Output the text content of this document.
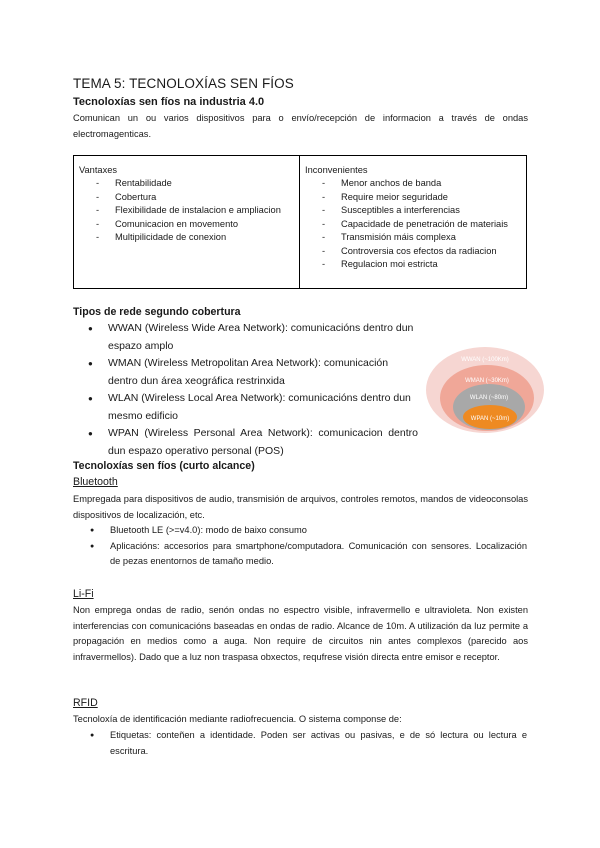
TEMA 5: TECNOLOXÍAS SEN FÍOS
Tecnoloxías sen fíos na industria 4.0
Comunican un ou varios dispositivos para o envío/recepción de informacion a través de ondas electromagenticas.
Vantaxes
- Rentabilidade
- Cobertura
- Flexibilidade de instalacion e ampliacion
- Comunicacion en movemento
- Multipilicidade de conexion
Inconvenientes
- Menor anchos de banda
- Require meior seguridade
- Susceptibles a interferencias
- Capacidade de penetración de materiais
- Transmisión máis complexa
- Controversia cos efectos da radiacion
- Regulacion moi estricta
Tipos de rede segundo cobertura
● WWAN (Wireless Wide Area Network): comunicacións dentro dun espazo amplo
● WMAN (Wireless Metropolitan Area Network): comunicación dentro dun área xeográfica restrinxida
● WLAN (Wireless Local Area Network): comunicacións dentro dun mesmo edificio
● WPAN (Wireless Personal Area Network): comunicacion dentro dun espazo operativo personal (POS)
WWAN (~100Km)
WMAN (~30Km)
WLAN (~80m)
WPAN (~10m)
Tecnoloxías sen fíos (curto alcance)
Bluetooth
Empregada para dispositivos de audio, transmisión de arquivos, controles remotos, mandos de videoconsolas dispositivos de localización, etc.
● Bluetooth LE (>=v4.0): modo de baixo consumo
● Aplicacións: accesorios para smartphone/computadora. Comunicación con sensores. Localización de pezas enentornos de tamaño medio.
Li-Fi
Non emprega ondas de radio, senón ondas no espectro visible, infravermello e ultravioleta. Non existen interferencias con comunicacións baseadas en ondas de radio. Alcance de 10m. A utilización da luz permite a propagación en medios como a auga. Non require de circuitos nin antes complexos (parecido aos infravermellos). Dado que a luz non traspasa obxectos, requfrese visión directa entre emisor e receptor.
RFID
Tecnoloxía de identificación mediante radiofrecuencia. O sistema componse de:
● Etiquetas: conteñen a identidade. Poden ser activas ou pasivas, e de só lectura ou lectura e escritura.
